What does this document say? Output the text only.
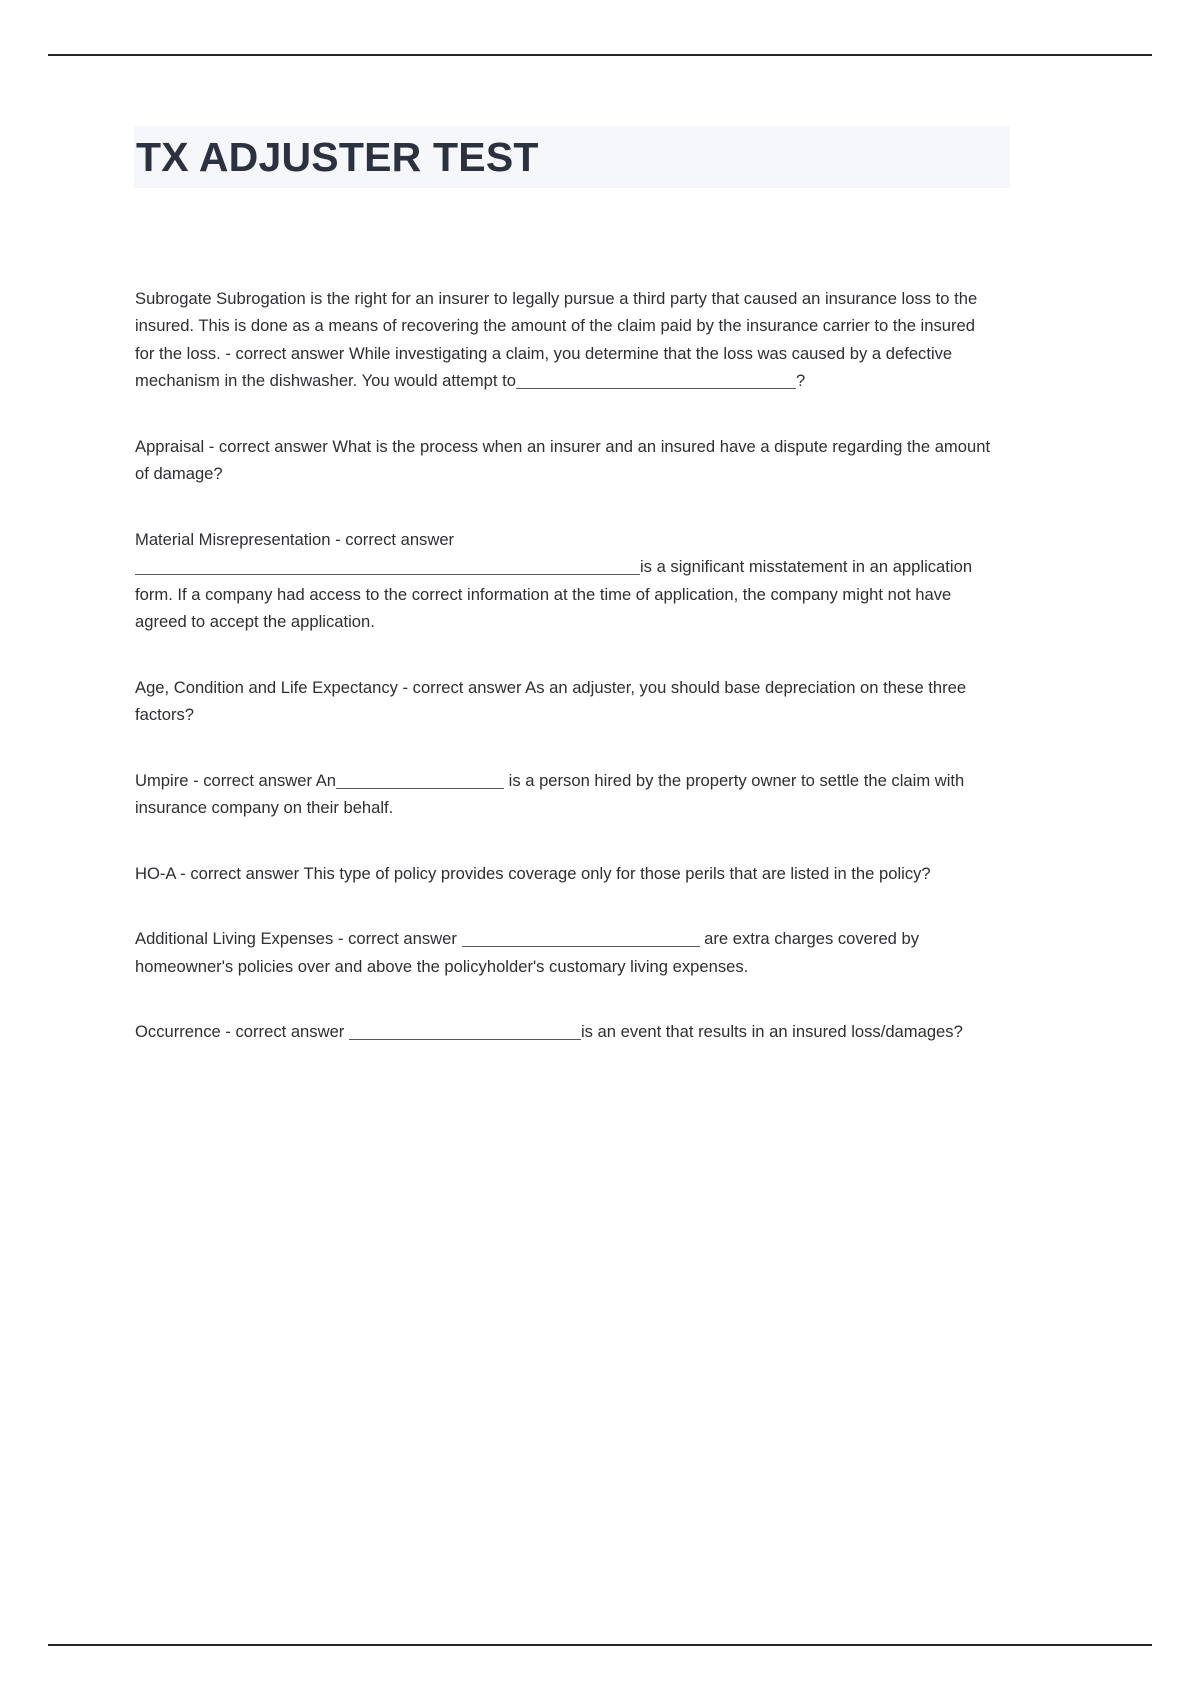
TX ADJUSTER TEST

Subrogate Subrogation is the right for an insurer to legally pursue a third party that caused an insurance loss to the insured. This is done as a means of recovering the amount of the claim paid by the insurance carrier to the insured for the loss. - correct answer While investigating a claim, you determine that the loss was caused by a defective mechanism in the dishwasher. You would attempt to	?

Appraisal - correct answer What is the process when an insurer and an insured have a dispute regarding the amount of damage?

Material Misrepresentation - correct answer
is a significant misstatement in an application form. If a company had access to the correct information at the time of application, the company might not have agreed to accept the application.

Age, Condition and Life Expectancy - correct answer As an adjuster, you should base depreciation on these three factors?

Umpire - correct answer An	is a person hired by the property owner to settle the claim with insurance company on their behalf.

HO-A - correct answer This type of policy provides coverage only for those perils that are listed in the policy?

Additional Living Expenses - correct answer	are extra charges covered by homeowner's policies over and above the policyholder's customary living expenses.

Occurrence - correct answer	is an event that results in an insured loss/damages?
